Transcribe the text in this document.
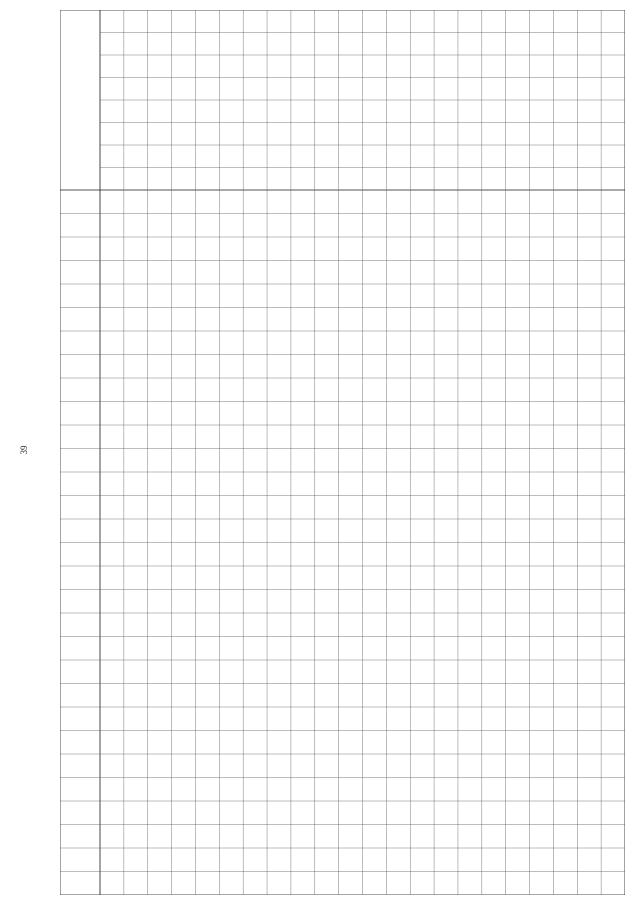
39
